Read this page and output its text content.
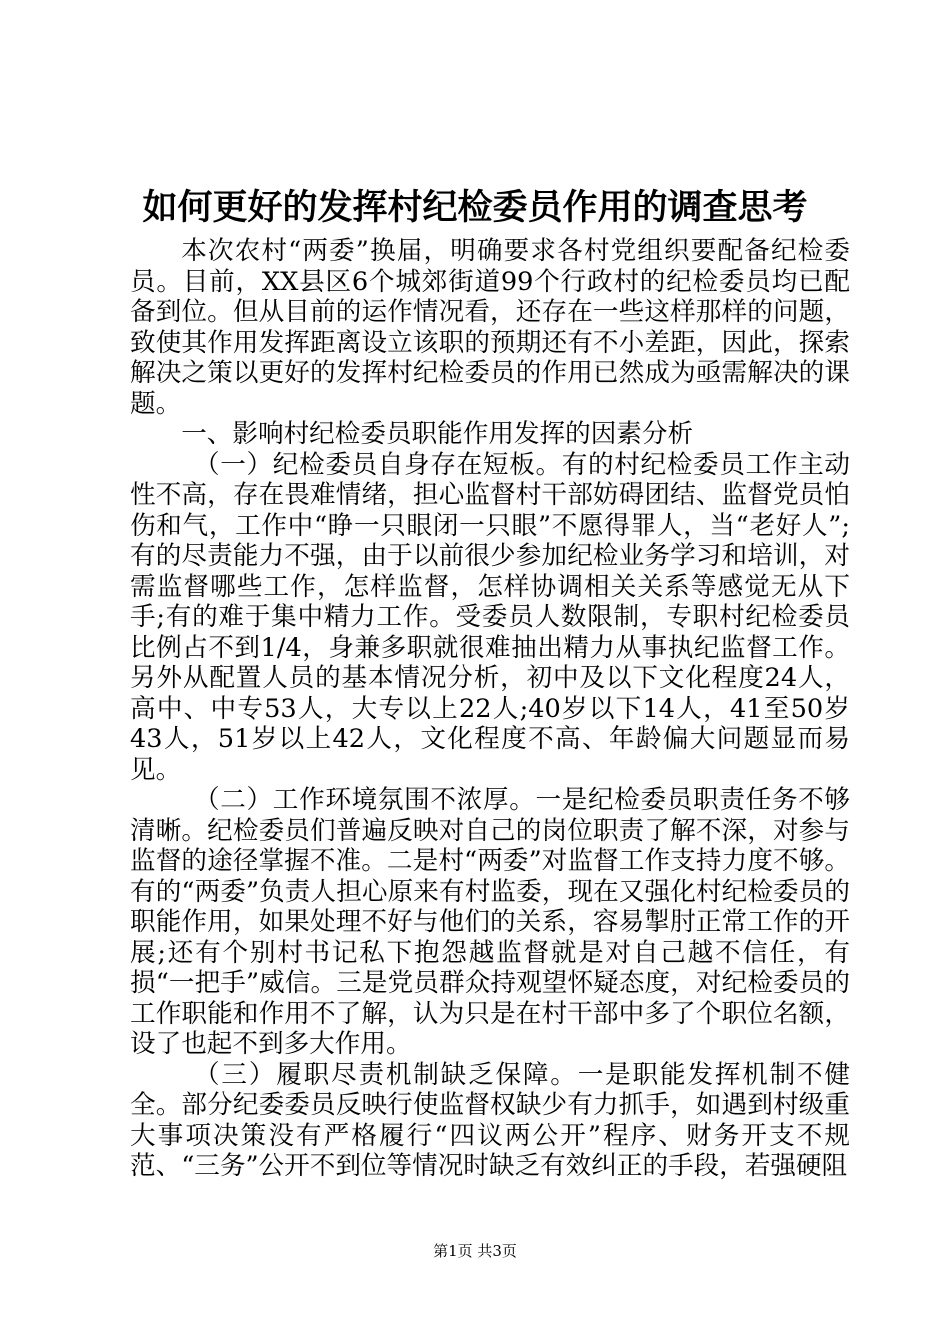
如何更好的发挥村纪检委员作用的调查思考

本次农村“两委”换届，明确要求各村党组织要配备纪检委员。目前，XX县区6个城郊街道99个行政村的纪检委员均已配备到位。但从目前的运作情况看，还存在一些这样那样的问题，致使其作用发挥距离设立该职的预期还有不小差距，因此，探索解决之策以更好的发挥村纪检委员的作用已然成为亟需解决的课题。

一、影响村纪检委员职能作用发挥的因素分析

（一）纪检委员自身存在短板。有的村纪检委员工作主动性不高，存在畏难情绪，担心监督村干部妨碍团结、监督党员怕伤和气，工作中“睁一只眼闭一只眼”不愿得罪人，当“老好人”;有的尽责能力不强，由于以前很少参加纪检业务学习和培训，对需监督哪些工作，怎样监督，怎样协调相关关系等感觉无从下手;有的难于集中精力工作。受委员人数限制，专职村纪检委员比例占不到1/4，身兼多职就很难抽出精力从事执纪监督工作。另外从配置人员的基本情况分析，初中及以下文化程度24人，高中、中专53人，大专以上22人;40岁以下14人，41至50岁43人，51岁以上42人，文化程度不高、年龄偏大问题显而易见。

（二）工作环境氛围不浓厚。一是纪检委员职责任务不够清晰。纪检委员们普遍反映对自己的岗位职责了解不深，对参与监督的途径掌握不准。二是村“两委”对监督工作支持力度不够。有的“两委”负责人担心原来有村监委，现在又强化村纪检委员的职能作用，如果处理不好与他们的关系，容易掣肘正常工作的开展;还有个别村书记私下抱怨越监督就是对自己越不信任，有损“一把手”威信。三是党员群众持观望怀疑态度，对纪检委员的工作职能和作用不了解，认为只是在村干部中多了个职位名额，设了也起不到多大作用。

（三）履职尽责机制缺乏保障。一是职能发挥机制不健全。部分纪委委员反映行使监督权缺少有力抓手，如遇到村级重大事项决策没有严格履行“四议两公开”程序、财务开支不规范、“三务”公开不到位等情况时缺乏有效纠正的手段，若强硬阻

第1页 共3页
